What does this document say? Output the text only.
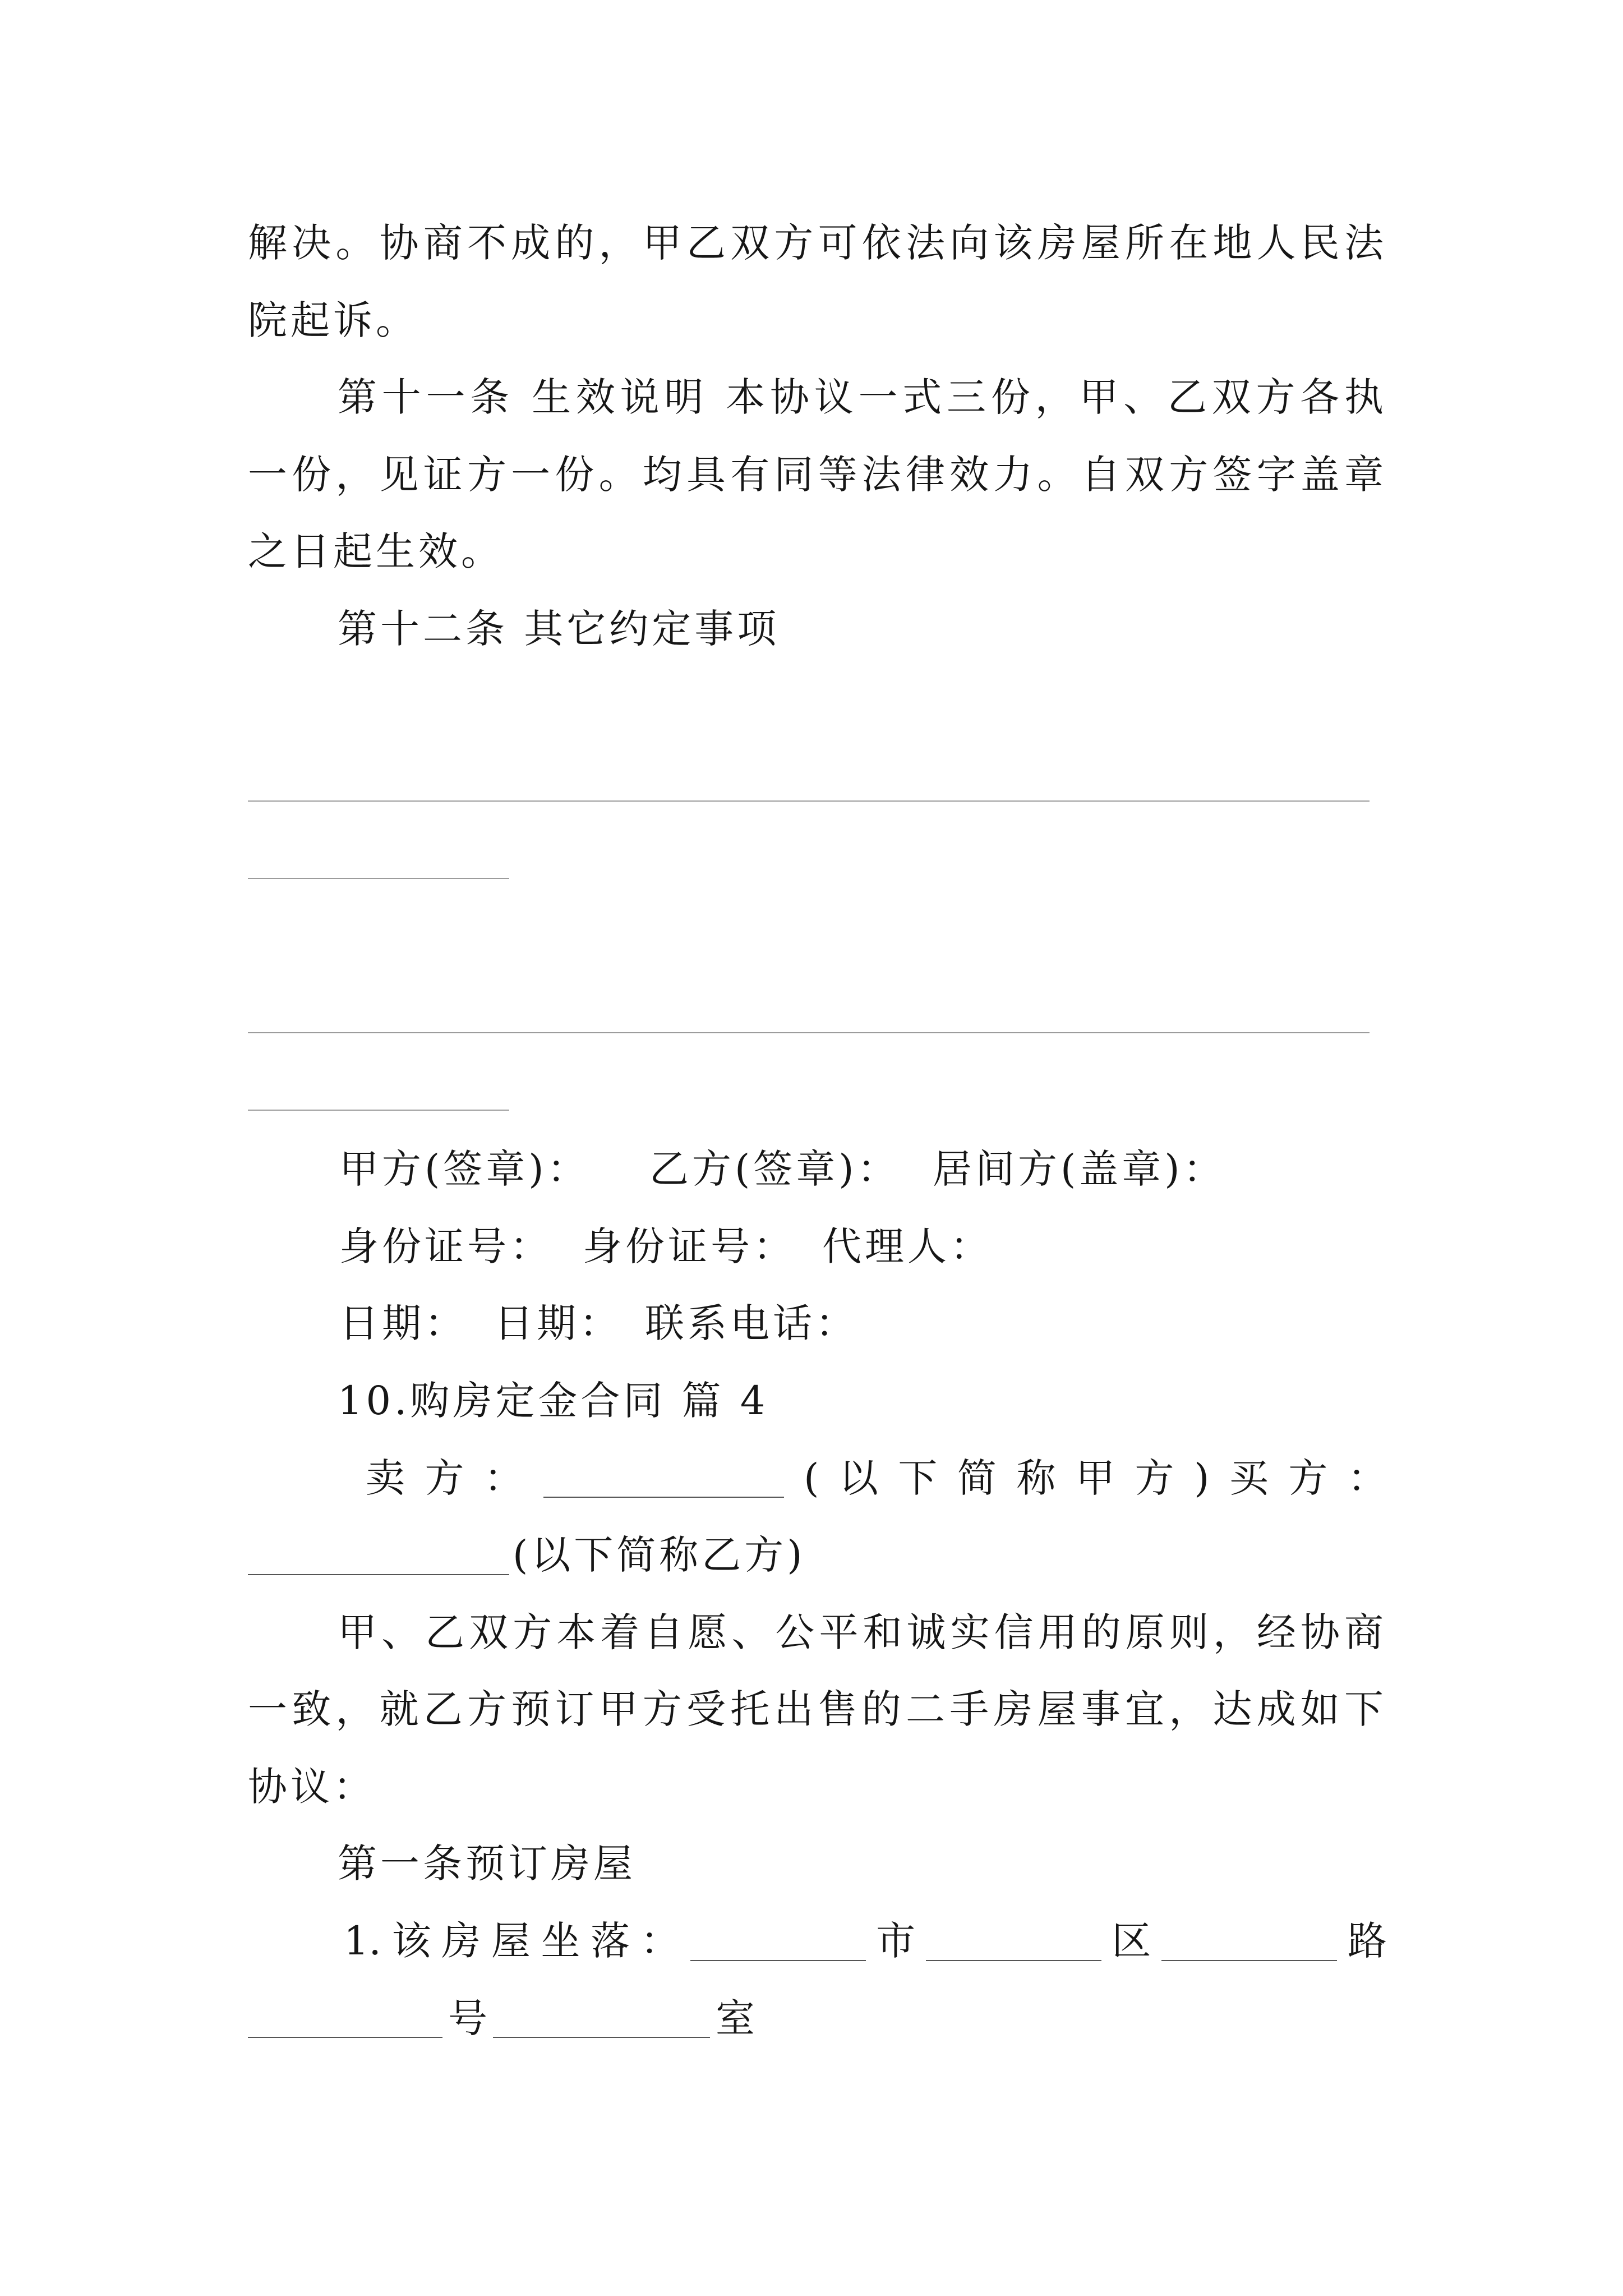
解决。协商不成的，甲乙双方可依法向该房屋所在地人民法
院起诉。
第十一条 生效说明 本协议一式三份，甲、乙双方各执
一份，见证方一份。均具有同等法律效力。自双方签字盖章
之日起生效。
第十二条 其它约定事项
甲方(签章)： 乙方(签章)： 居间方(盖章)：
身份证号： 身份证号： 代理人：
日期： 日期： 联系电话：
10.购房定金合同 篇 4
卖 方 ：	( 以 下 简 称 甲 方 ) 买 方 ：
(以下简称乙方)
甲、乙双方本着自愿、公平和诚实信用的原则，经协商
一致，就乙方预订甲方受托出售的二手房屋事宜，达成如下
协议：
第一条预订房屋
1. 该 房 屋 坐 落 ：	市	区	路
号	室
